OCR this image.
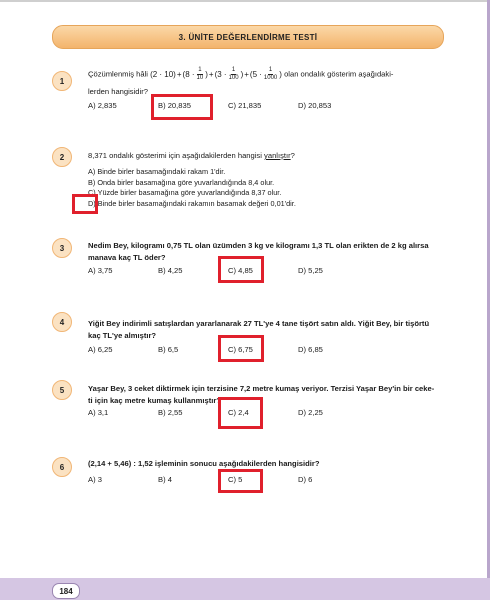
3. ÜNİTE DEĞERLENDİRME TESTİ
1
Çözümlenmiş hâli $(2 \cdot 10) + (8 \cdot \frac{1}{10}$ ) + ($3 \cdot \frac{1}{100}$ ) + ($5 \cdot \frac{1}{1000}$ ) olan ondalık gösterim aşağıdaki-
lerden hangisidir?
A) 2,835	B) 20,835	C) 21,835	D) 20,853
2	8,371 ondalık gösterimi için aşağıdakilerden hangisi yanlıştır?
A) Binde birler basamağındaki rakam 1'dir.
B) Onda birler basamağına göre yuvarlandığında 8,4 olur.
C) Yüzde birler basamağına göre yuvarlandığında 8,37 olur.
D) Binde birler basamağındaki rakamın basamak değeri 0,01'dir.
3	Nedim Bey, kilogramı 0,75 TL olan üzümden 3 kg ve kilogramı 1,3 TL olan erikten de 2 kg alırsa
manava kaç TL öder?
A) 3,75	B) 4,25	C) 4,85	D) 5,25
4	Yiğit Bey indirimli satışlardan yararlanarak 27 TL'ye 4 tane tişört satın aldı. Yiğit Bey, bir tişörtü
kaç TL'ye almıştır?
A) 6,25	B) 6,5	C) 6,75	D) 6,85
5	Yaşar Bey, 3 ceket diktirmek için terzisine 7,2 metre kumaş veriyor. Terzisi Yaşar Bey'in bir ceke-
ti için kaç metre kumaş kullanmıştır?
A) 3,1	B) 2,55	C) 2,4	D) 2,25
6	(2,14 + 5,46) : 1,52 işleminin sonucu aşağıdakilerden hangisidir?
A) 3	B) 4	C) 5	D) 6
184
